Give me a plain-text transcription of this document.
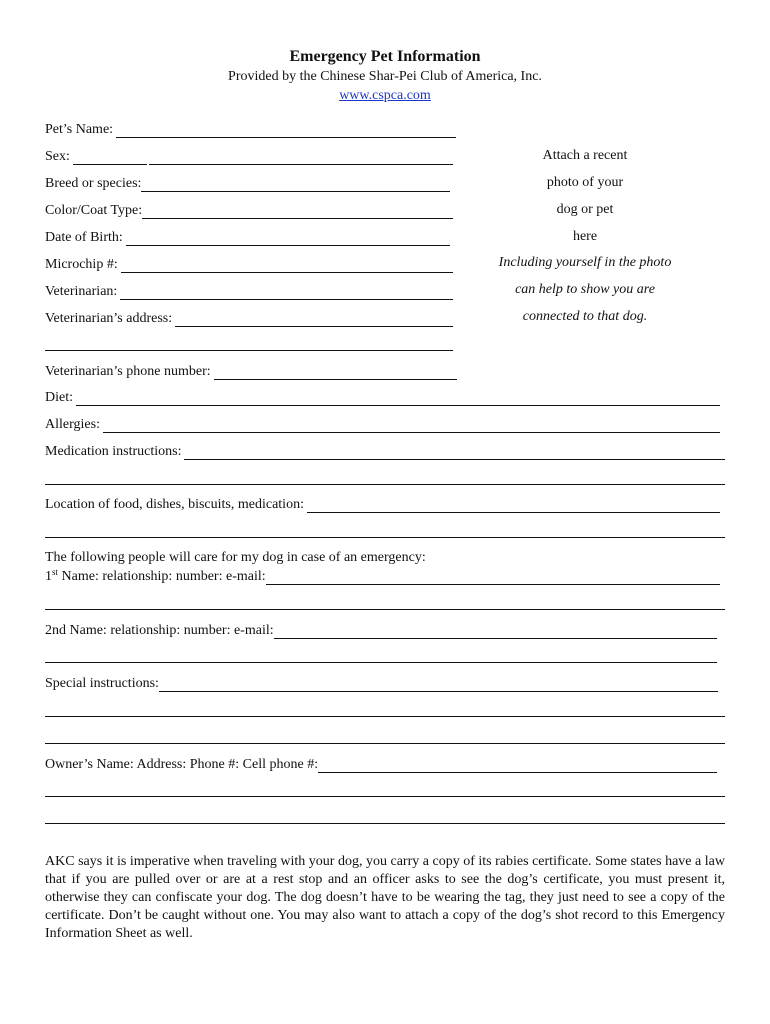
Emergency Pet Information
Provided by the Chinese Shar-Pei Club of America, Inc.
www.cspca.com
Pet’s Name:
Sex:
Breed or species:
Color/Coat Type:
Date of Birth:
Microchip #:
Veterinarian:
Veterinarian’s address:
Veterinarian’s phone number:
Attach a recent
photo of your
dog or pet
here
Including yourself in the photo
can help to show you are
connected to that dog.
Diet:
Allergies:
Medication instructions:
Location of food, dishes, biscuits, medication:
The following people will care for my dog in case of an emergency:
1st Name: relationship: number: e-mail:
2nd Name: relationship: number: e-mail:
Special instructions:
Owner’s Name: Address: Phone #: Cell phone #:
AKC says it is imperative when traveling with your dog, you carry a copy of its rabies certificate. Some states have a law that if you are pulled over or are at a rest stop and an officer asks to see the dog’s certificate, you must present it, otherwise they can confiscate your dog. The dog doesn’t have to be wearing the tag, they just need to see a copy of the certificate. Don’t be caught without one. You may also want to attach a copy of the dog’s shot record to this Emergency Information Sheet as well.
